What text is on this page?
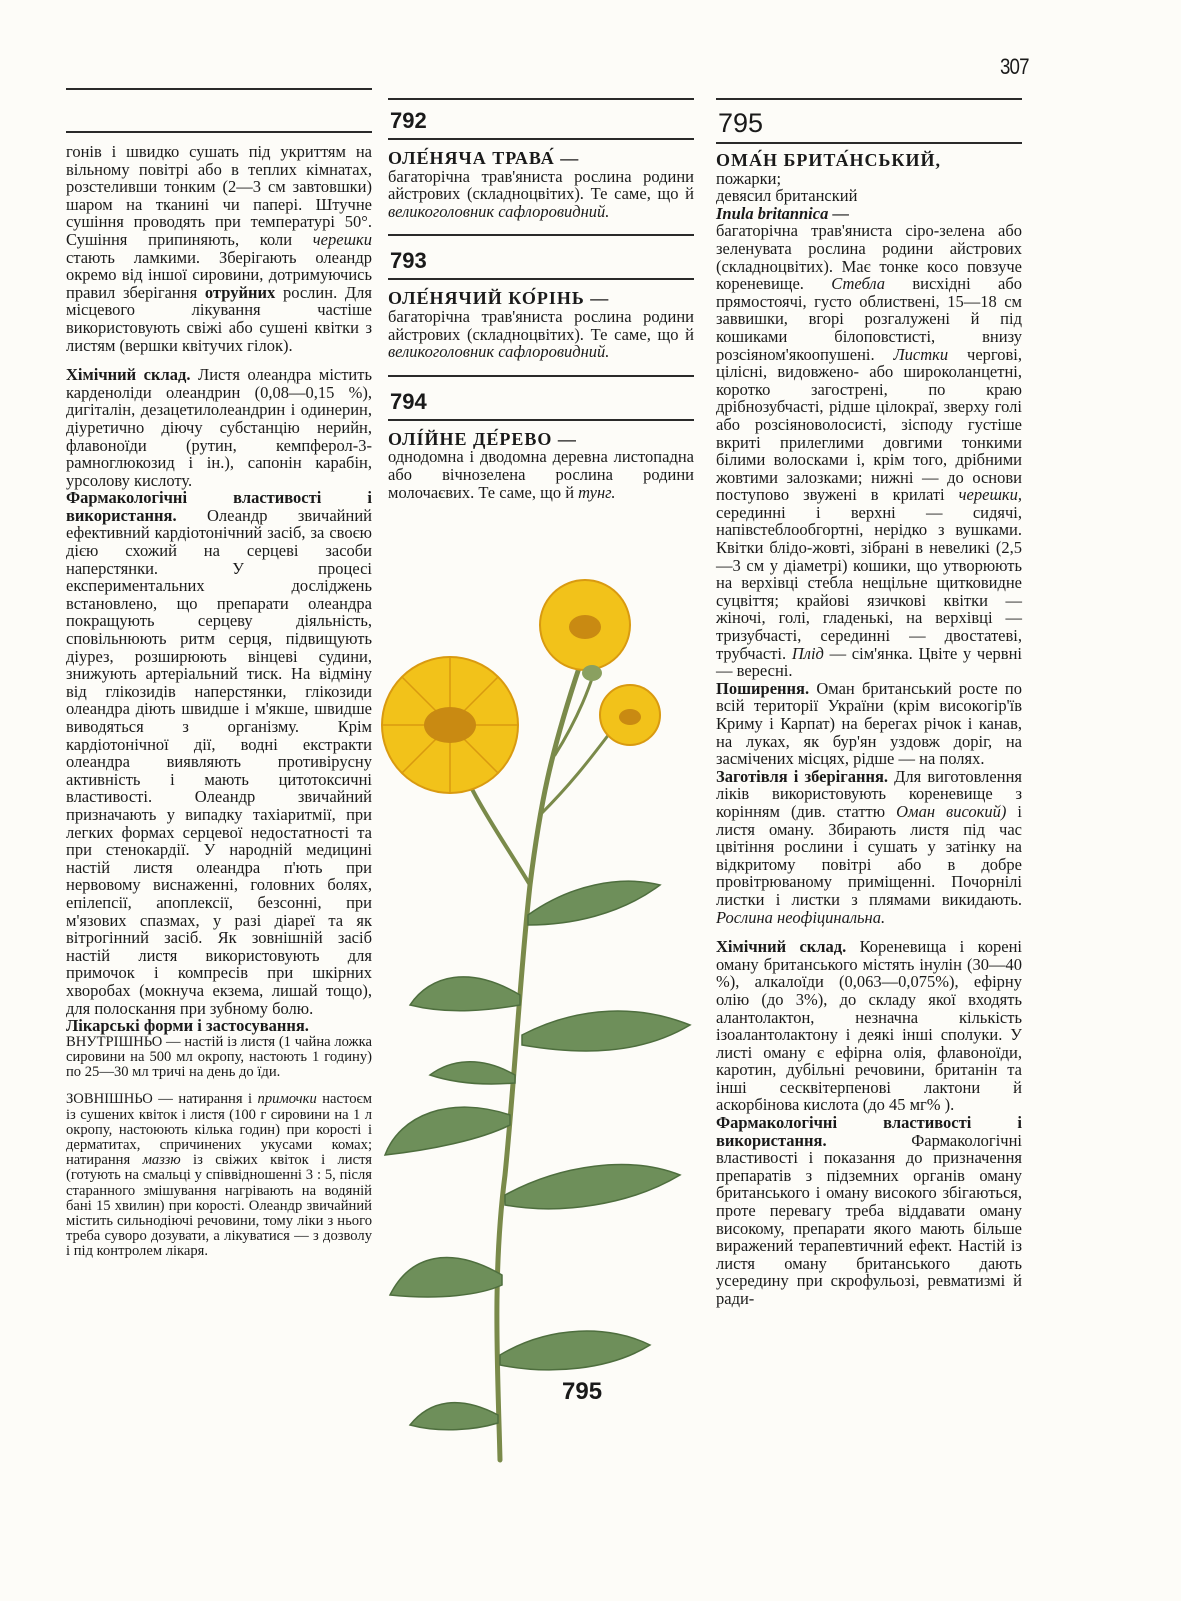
307

гонів і швидко сушать під укриттям на вільному повітрі або в теплих кімнатах, розстеливши тонким (2—3 см завтовшки) шаром на тканині чи папері. Штучне сушіння проводять при температурі 50°. Сушіння припиняють, коли черешки стають ламкими. Зберігають олеандр окремо від іншої сировини, дотримуючись правил зберігання отруйних рослин. Для місцевого лікування частіше використовують свіжі або сушені квітки з листям (вершки квітучих гілок).

Хімічний склад. Листя олеандра містить карденоліди олеандрин (0,08—0,15 %), дигіталін, дезацетилолеандрин і одинерин, діуретично діючу субстанцію нерийн, флавоноїди (рутин, кемпферол-3-рамноглюкозид і ін.), сапонін карабін, урсолову кислоту.

Фармакологічні властивості і використання. Олеандр звичайний ефективний кардіотонічний засіб, за своєю дією схожий на серцеві засоби наперстянки. У процесі експериментальних досліджень встановлено, що препарати олеандра покращують серцеву діяльність, сповільнюють ритм серця, підвищують діурез, розширюють вінцеві судини, знижують артеріальний тиск. На відміну від глікозидів наперстянки, глікозиди олеандра діють швидше і м'якше, швидше виводяться з організму. Крім кардіотонічної дії, водні екстракти олеандра виявляють противірусну активність і мають цитотоксичні властивості. Олеандр звичайний призначають у випадку тахіаритмії, при легких формах серцевої недостатності та при стенокардії. У народній медицині настій листя олеандра п'ють при нервовому виснаженні, головних болях, епілепсії, апоплексії, безсонні, при м'язових спазмах, у разі діареї та як вітрогінний засіб. Як зовнішній засіб настій листя використовують для примочок і компресів при шкірних хворобах (мокнуча екзема, лишай тощо), для полоскання при зубному болю.

Лікарські форми і застосування.

ВНУТРІШНЬО — настій із листя (1 чайна ложка сировини на 500 мл окропу, настоють 1 годину) по 25—30 мл тричі на день до їди.

ЗОВНІШНЬО — натирання і примочки настоєм із сушених квіток і листя (100 г сировини на 1 л окропу, настоюють кілька годин) при короcті і дерматитах, спричинених укусами комах; натирання маззю із свіжих квіток і листя (готують на смальці у співвідношенні 3 : 5, після старанного змішування нагрівають на водяній бані 15 хвилин) при короcті. Олеандр звичайний містить сильнодіючі речовини, тому ліки з нього треба суворо дозувати, а лікуватися — з дозволу і під контролем лікаря.

792

ОЛЕ́НЯЧА ТРАВА́ —
багаторічна трав'яниста рослина родини айстрових (складноцвітих). Те саме, що й великоголовник сафлоровидний.

793

ОЛЕ́НЯЧИЙ КО́РІНЬ —
багаторічна трав'яниста рослина родини айстрових (складноцвітих). Те саме, що й великоголовник сафлоровидний.

794

ОЛІ́ЙНЕ ДЕ́РЕВО —
однодомна і дводомна деревна листопадна або вічнозелена рослина родини молочаєвих. Те саме, що й тунг.

795
795

ОМА́Н БРИТА́НСЬКИЙ,

пожарки;

девясил британский

Inula britannica —

багаторічна трав'яниста сіро-зелена або зеленувата рослина родини айстрових (складноцвітих). Має тонке косо повзуче кореневище. Стебла висхідні або прямостоячі, густо облиствені, 15—18 см заввишки, вгорі розгалужені й під кошиками білоповстисті, внизу розсіяном'якоопушені. Листки чергові, цілісні, видовжено- або широколанцетні, коротко загострені, по краю дрібнозубчасті, рідше цілокраї, зверху голі або розсіяноволосисті, зісподу густіше вкриті прилеглими довгими тонкими білими волосками і, крім того, дрібними жовтими залозками; нижні — до основи поступово звужені в крилаті черешки, серединні і верхні — сидячі, напівстеблообгортні, нерідко з вушками. Квітки блідо-жовті, зібрані в невеликі (2,5—3 см у діаметрі) кошики, що утворюють на верхівці стебла нещільне щитковидне суцвіття; крайові язичкові квітки — жіночі, голі, гладенькі, на верхівці — тризубчасті, серединні — двостатеві, трубчасті. Плід — сім'янка. Цвіте у червні — вересні.

Поширення. Оман британський росте по всій території України (крім високогір'їв Криму і Карпат) на берегах річок і канав, на луках, як бур'ян уздовж доріг, на засмічених місцях, рідше — на полях.

Заготівля і зберігання. Для виготовлення ліків використовують кореневище з корінням (див. статтю Оман високий) і листя оману. Збирають листя під час цвітіння рослини і сушать у затінку на відкритому повітрі або в добре провітрюваному приміщенні. Почорнілі листки і листки з плямами викидають. Рослина неофіцинальна.

Хімічний склад. Кореневища і корені оману британського містять інулін (30—40 %), алкалоїди (0,063—0,075%), ефірну олію (до 3%), до складу якої входять алантолактон, незначна кількість ізоалантолактону і деякі інші сполуки. У листі оману є ефірна олія, флавоноїди, каротин, дубільні речовини, британін та інші сесквітерпенові лактони й аскорбінова кислота (до 45 мг% ).

Фармакологічні властивості і використання. Фармакологічні властивості і показання до призначення препаратів з підземних органів оману британського і оману високого збігаються, проте перевагу треба віддавати оману високому, препарати якого мають більше виражений терапевтичний ефект. Настій із листя оману британського дають усередину при скрофульозі, ревматизмі й ради-
